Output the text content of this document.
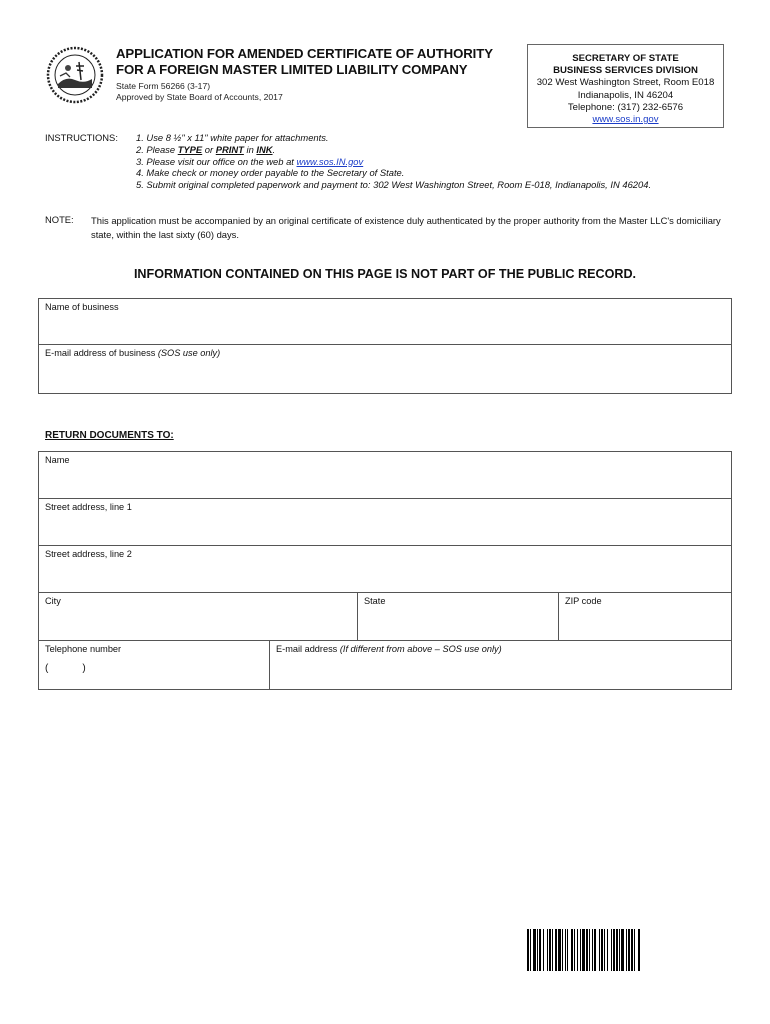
APPLICATION FOR AMENDED CERTIFICATE OF AUTHORITY
FOR A FOREIGN MASTER LIMITED LIABILITY COMPANY
State Form 56266 (3-17)
Approved by State Board of Accounts, 2017
SECRETARY OF STATE
BUSINESS SERVICES DIVISION
302 West Washington Street, Room E018
Indianapolis, IN 46204
Telephone: (317) 232-6576
www.sos.in.gov
INSTRUCTIONS: 1. Use 8 ½" x 11" white paper for attachments.
2. Please TYPE or PRINT in INK.
3. Please visit our office on the web at www.sos.IN.gov
4. Make check or money order payable to the Secretary of State.
5. Submit original completed paperwork and payment to: 302 West Washington Street, Room E-018, Indianapolis, IN 46204.
NOTE: This application must be accompanied by an original certificate of existence duly authenticated by the proper authority from the Master LLC's domiciliary state, within the last sixty (60) days.
INFORMATION CONTAINED ON THIS PAGE IS NOT PART OF THE PUBLIC RECORD.
Name of business
E-mail address of business (SOS use only)
RETURN DOCUMENTS TO:
Name
Street address, line 1
Street address, line 2
City	State	ZIP code
Telephone number
(	)
E-mail address (If different from above – SOS use only)
